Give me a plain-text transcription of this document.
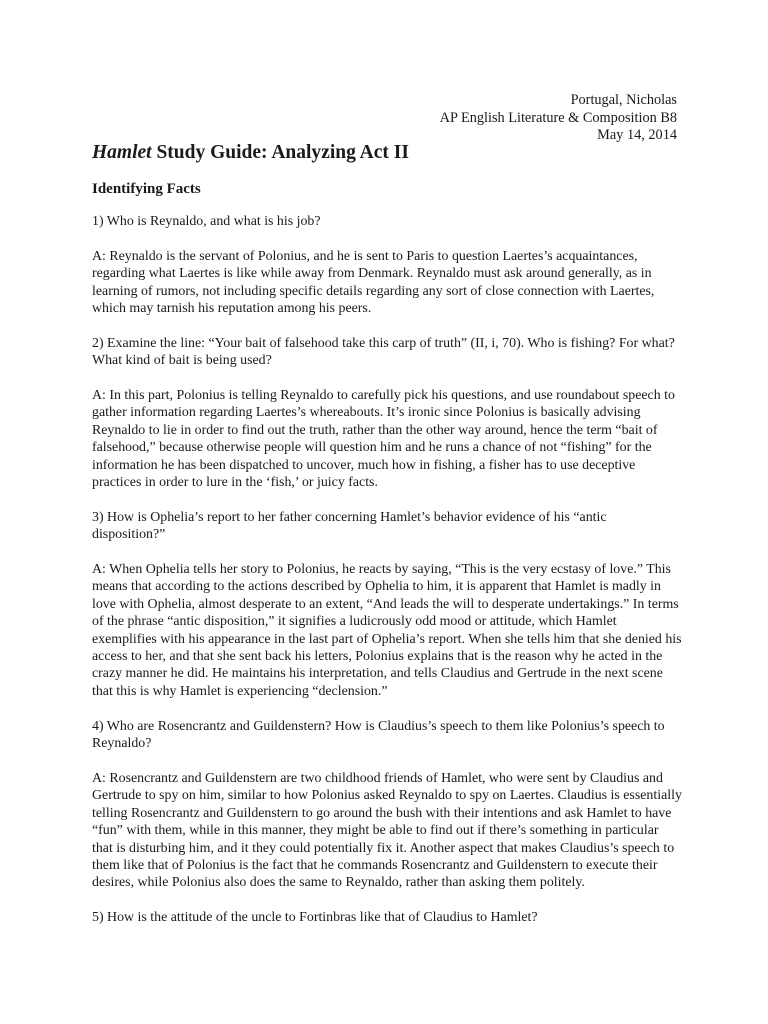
Portugal, Nicholas
AP English Literature & Composition B8
May 14, 2014
Hamlet Study Guide: Analyzing Act II
Identifying Facts

1) Who is Reynaldo, and what is his job?

A: Reynaldo is the servant of Polonius, and he is sent to Paris to question Laertes’s acquaintances, regarding what Laertes is like while away from Denmark. Reynaldo must ask around generally, as in learning of rumors, not including specific details regarding any sort of close connection with Laertes, which may tarnish his reputation among his peers.

2) Examine the line: “Your bait of falsehood take this carp of truth” (II, i, 70). Who is fishing? For what? What kind of bait is being used?

A: In this part, Polonius is telling Reynaldo to carefully pick his questions, and use roundabout speech to gather information regarding Laertes’s whereabouts. It’s ironic since Polonius is basically advising Reynaldo to lie in order to find out the truth, rather than the other way around, hence the term “bait of falsehood,” because otherwise people will question him and he runs a chance of not “fishing” for the information he has been dispatched to uncover, much how in fishing, a fisher has to use deceptive practices in order to lure in the ‘fish,’ or juicy facts.

3) How is Ophelia’s report to her father concerning Hamlet’s behavior evidence of his “antic disposition?”

A: When Ophelia tells her story to Polonius, he reacts by saying, “This is the very ecstasy of love.” This means that according to the actions described by Ophelia to him, it is apparent that Hamlet is madly in love with Ophelia, almost desperate to an extent, “And leads the will to desperate undertakings.” In terms of the phrase “antic disposition,” it signifies a ludicrously odd mood or attitude, which Hamlet exemplifies with his appearance in the last part of Ophelia’s report. When she tells him that she denied his access to her, and that she sent back his letters, Polonius explains that is the reason why he acted in the crazy manner he did. He maintains his interpretation, and tells Claudius and Gertrude in the next scene that this is why Hamlet is experiencing “declension.”

4) Who are Rosencrantz and Guildenstern? How is Claudius’s speech to them like Polonius’s speech to Reynaldo?

A: Rosencrantz and Guildenstern are two childhood friends of Hamlet, who were sent by Claudius and Gertrude to spy on him, similar to how Polonius asked Reynaldo to spy on Laertes. Claudius is essentially telling Rosencrantz and Guildenstern to go around the bush with their intentions and ask Hamlet to have “fun” with them, while in this manner, they might be able to find out if there’s something in particular that is disturbing him, and it they could potentially fix it. Another aspect that makes Claudius’s speech to them like that of Polonius is the fact that he commands Rosencrantz and Guildenstern to execute their desires, while Polonius also does the same to Reynaldo, rather than asking them politely.

5) How is the attitude of the uncle to Fortinbras like that of Claudius to Hamlet?
